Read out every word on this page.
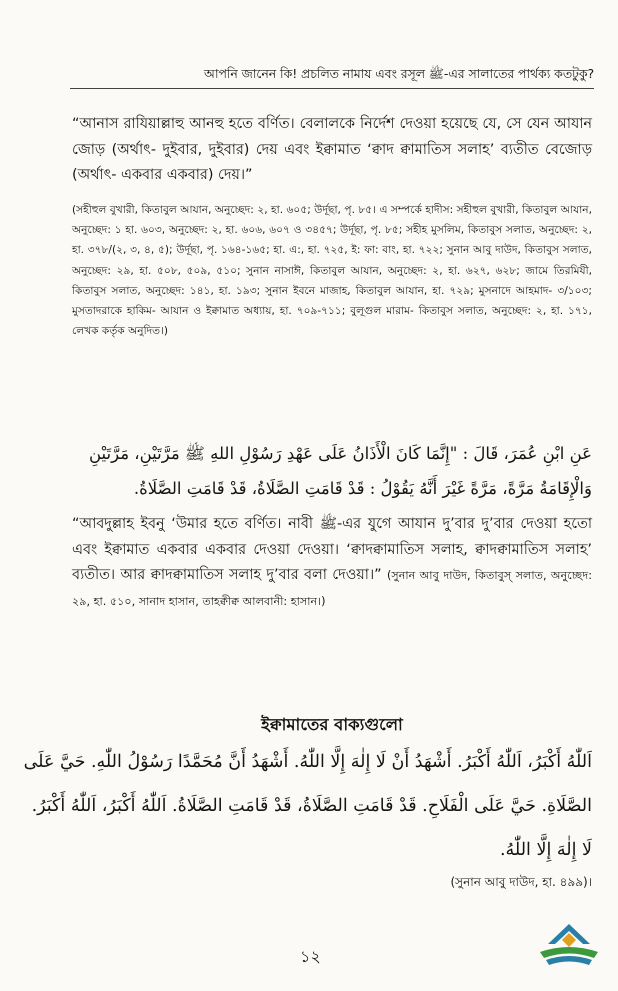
আপনি জানেন কি! প্রচলিত নামায এবং রসূল ﷺ-এর সালাতের পার্থক্য কতটুকু?
“আনাস রাযিয়াল্লাহু আনহু হতে বর্ণিত। বেলালকে নির্দেশ দেওয়া হয়েছে যে, সে যেন আযান জোড় (অর্থাৎ- দুইবার, দুইবার) দেয় এবং ইক্বামাত ‘ক্বাদ ক্বামাতিস সলাহ’ ব্যতীত বেজোড় (অর্থাৎ- একবার একবার) দেয়।”
(সহীহুল বুখারী, কিতাবুল আযান, অনুচ্ছেদ: ২, হা. ৬০৫; উর্দূছা, পৃ. ৮৫। এ সম্পর্কে হাদীস: সহীহুল বুখারী, কিতাবুল আযান, অনুচ্ছেদ: ১ হা. ৬০৩, অনুচ্ছেদ: ২, হা. ৬০৬, ৬০৭ ও ৩৪৫৭; উর্দূছা, পৃ. ৮৫; সহীহ মুসলিম, কিতাবুস সলাত, অনুচ্ছেদ: ২, হা. ৩৭৮/(২, ৩, ৪, ৫); উর্দূছা, পৃ. ১৬৪-১৬৫; হা. এ:, হা. ৭২৫, ই: ফা: বাং, হা. ৭২২; সুনান আবু দাউদ, কিতাবুস সলাত, অনুচ্ছেদ: ২৯, হা. ৫০৮, ৫০৯, ৫১০; সুনান নাসাঈ, কিতাবুল আযান, অনুচ্ছেদ: ২, হা. ৬২৭, ৬২৮; জামে তিরমিযী, কিতাবুস সলাত, অনুচ্ছেদ: ১৪১, হা. ১৯৩; সুনান ইবনে মাজাহ, কিতাবুল আযান, হা. ৭২৯; মুসনাদে আহমাদ- ৩/১০৩; মুসতাদরাকে হাকিম- আযান ও ইক্বামাত অধ্যায়, হা. ৭০৯-৭১১; বুলূগুল মারাম- কিতাবুস সলাত, অনুচ্ছেদ: ২, হা. ১৭১, লেখক কর্তৃক অনুদিত।)
عَنِ ابْنِ عُمَرَ، قَالَ : "إِنَّمَا كَانَ الْأَذَانُ عَلَى عَهْدِ رَسُوْلِ اللهِ ﷺ مَرَّتَيْنِ، مَرَّتَيْنِ
وَالْإِقَامَةُ مَرَّةً، مَرَّةً غَيْرَ أَنَّهُ يَقُوْلُ : قَدْ قَامَتِ الصَّلَاةُ، قَدْ قَامَتِ الصَّلَاةُ.
“আবদুল্লাহ ইবনু ‘উমার হতে বর্ণিত। নাবী ﷺ-এর যুগে আযান দু’বার দু’বার দেওয়া হতো এবং ইক্বামাত একবার একবার দেওয়া দেওয়া। ‘ক্বাদক্বামাতিস সলাহ, ক্বাদক্বামাতিস সলাহ’ ব্যতীত। আর ক্বাদক্বামাতিস সলাহ দু’বার বলা দেওয়া।” (সুনান আবু দাউদ, কিতাবুস্ সলাত, অনুচ্ছেদ: ২৯, হা. ৫১০, সানাদ হাসান, তাহক্বীক্ব আলবানী: হাসান।)
ইক্বামাতের বাক্যগুলো
اَللّٰهُ أَكْبَرُ، اَللّٰهُ أَكْبَرُ. أَشْهَدُ أَنْ لَا إِلٰهَ إِلَّا اللّٰهُ. أَشْهَدُ أَنَّ مُحَمَّدًا رَسُوْلُ اللّٰهِ. حَيَّ عَلَى
الصَّلَاةِ. حَيَّ عَلَى الْفَلَاحِ. قَدْ قَامَتِ الصَّلَاةُ، قَدْ قَامَتِ الصَّلَاةُ. اَللّٰهُ أَكْبَرُ، اَللّٰهُ أَكْبَرُ.
لَا إِلٰهَ إِلَّا اللّٰهُ.
(সুনান আবু দাউদ, হা. ৪৯৯)।
১২
